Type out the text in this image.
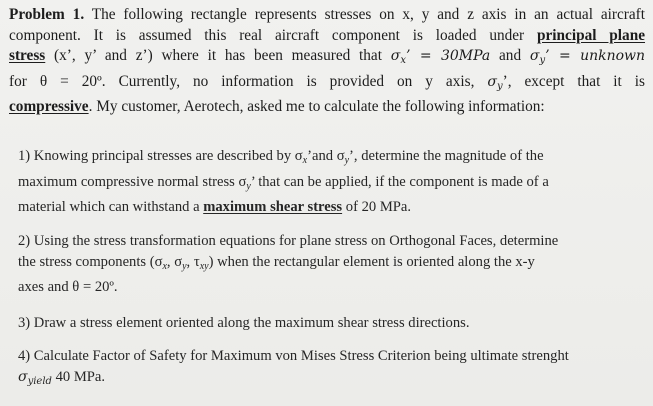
Problem 1. The following rectangle represents stresses on x, y and z axis in an actual aircraft
component. It is assumed this real aircraft component is loaded under principal plane
stress (x’, y’ and z’) where it has been measured that $\sigma_x$’ = 30MPa and $\sigma_y$’ = unknown
for θ = 20º. Currently, no information is provided on y axis, $\sigma_y$’, except that it is
compressive. My customer, Aerotech, asked me to calculate the following information:
1) Knowing principal stresses are described by $\sigma_x’and$ $\sigma_y$’, determine the magnitude of the
maximum compressive normal stress $\sigma_y$’ that can be applied, if the component is made of a
material which can withstand a maximum shear stress of 20 MPa.
2) Using the stress transformation equations for plane stress on Orthogonal Faces, determine
the stress components ($\sigma_x$, $\sigma_y$, $\tau_{xy}$) when the rectangular element is oriented along the x-y
axes and θ = 20º.
3) Draw a stress element oriented along the maximum shear stress directions.
4) Calculate Factor of Safety for Maximum von Mises Stress Criterion being ultimate strenght
$\sigma_{yield}$ 40 MPa.
